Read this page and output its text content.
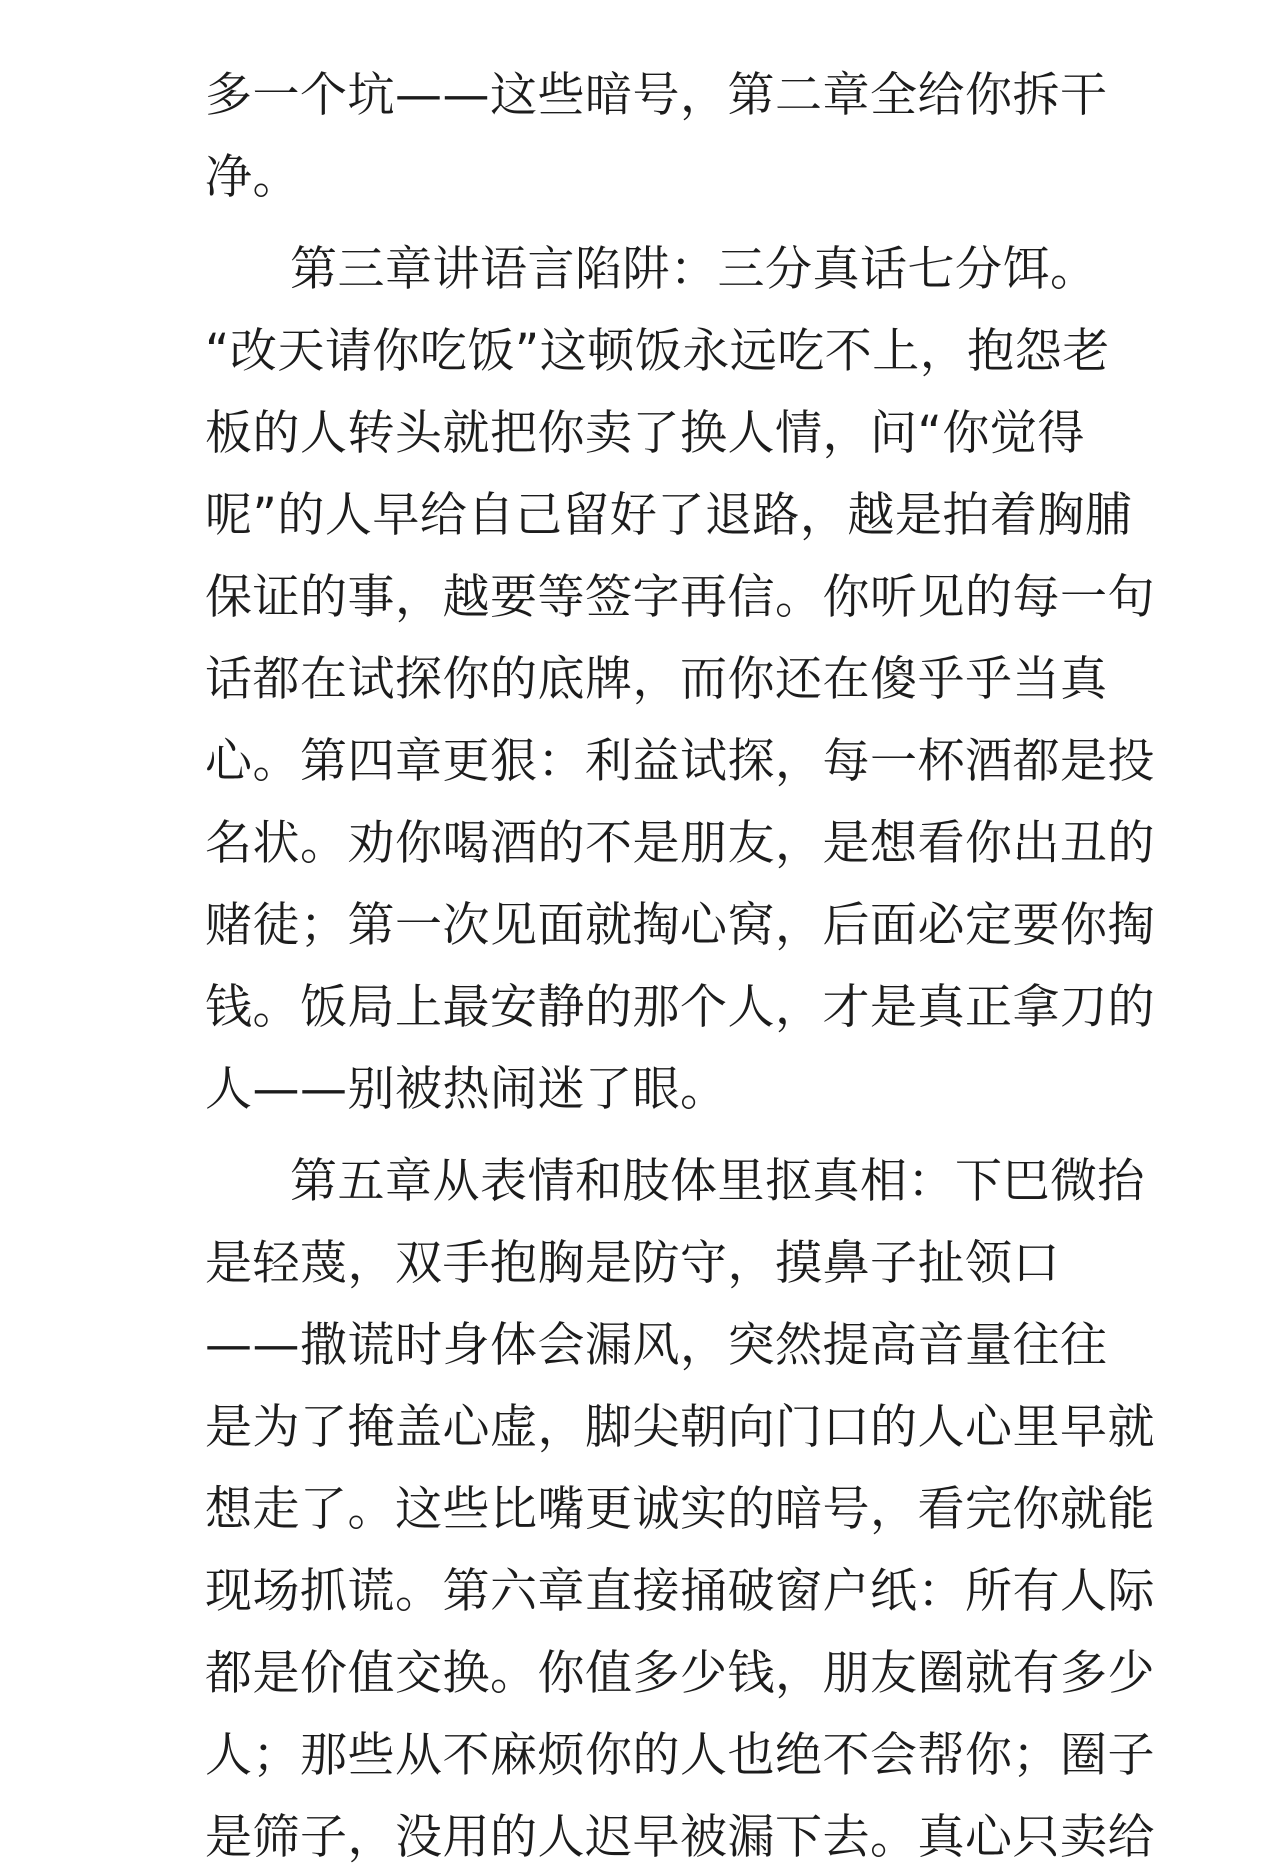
多一个坑——这些暗号，第二章全给你拆干
净。
第三章讲语言陷阱：三分真话七分饵。
“改天请你吃饭”这顿饭永远吃不上，抱怨老
板的人转头就把你卖了换人情，问“你觉得
呢”的人早给自己留好了退路，越是拍着胸脯
保证的事，越要等签字再信。你听见的每一句
话都在试探你的底牌，而你还在傻乎乎当真
心。第四章更狠：利益试探，每一杯酒都是投
名状。劝你喝酒的不是朋友，是想看你出丑的
赌徒；第一次见面就掏心窝，后面必定要你掏
钱。饭局上最安静的那个人，才是真正拿刀的
人——别被热闹迷了眼。
第五章从表情和肢体里抠真相：下巴微抬
是轻蔑，双手抱胸是防守，摸鼻子扯领口
——撒谎时身体会漏风，突然提高音量往往
是为了掩盖心虚，脚尖朝向门口的人心里早就
想走了。这些比嘴更诚实的暗号，看完你就能
现场抓谎。第六章直接捅破窗户纸：所有人际
都是价值交换。你值多少钱，朋友圈就有多少
人；那些从不麻烦你的人也绝不会帮你；圈子
是筛子，没用的人迟早被漏下去。真心只卖给
